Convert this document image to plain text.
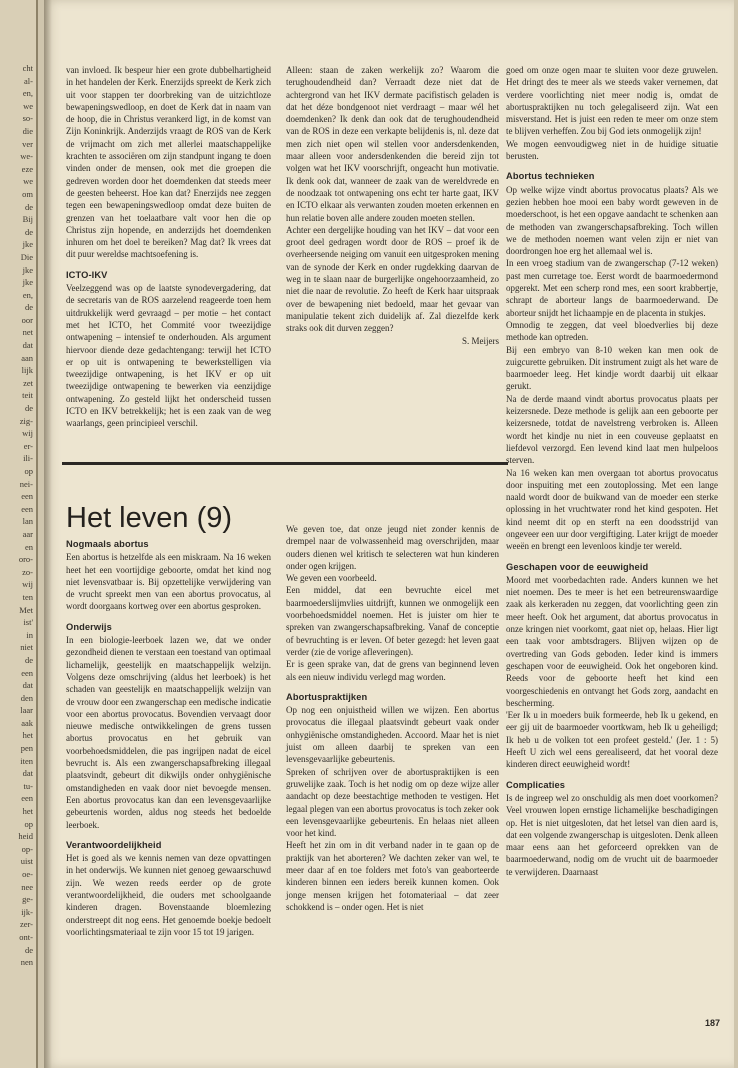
cht
al-
en,
we
so-
die
ver
we-
eze
we
om
de
Bij
de
jke
Die
jke
jke
en,
de
oor
net
dat
aan
lijk
zet
teit
de
zig-
wij
er-
ili-
op
nei-
een
een
lan
aar
en
oro-
zo-
wij
ten
Met
ist'
in
niet
de
een
dat
den
laar
aak
het
pen
iten
dat
tu-
een
het
op
heid
op-
uist
oe-
nee
ge-
ijk-
zer-
ont-
de
nen

van invloed. Ik bespeur hier een grote dubbelhartigheid in het handelen der Kerk. Enerzijds spreekt de Kerk zich uit voor stappen ter doorbreking van de uitzichtloze bewapeningswedloop, en doet de Kerk dat in naam van de hoop, die in Christus verankerd ligt, in de komst van Zijn Koninkrijk. Anderzijds vraagt de ROS van de Kerk de vrijmacht om zich met allerlei maatschappelijke krachten te associëren om zijn standpunt ingang te doen vinden onder de mensen, ook met die groepen die gedreven worden door het doemdenken dat steeds meer de geesten beheerst. Hoe kan dat? Enerzijds nee zeggen tegen een bewapeningswedloop omdat deze buiten de grenzen van het toelaatbare valt voor hen die op Christus zijn hopende, en anderzijds het doemdenken inhuren om het doel te bereiken? Mag dat? Ik vrees dat dit puur wereldse machtsoefening is.

ICTO-IKV

Veelzeggend was op de laatste synodevergadering, dat de secretaris van de ROS aarzelend reageerde toen hem uitdrukkelijk werd gevraagd – per motie – het contact met het ICTO, het Commité voor tweezijdige ontwapening – intensief te onderhouden. Als argument hiervoor diende deze gedachtengang: terwijl het ICTO er op uit is ontwapening te bewerkstelligen via tweezijdige ontwapening, is het IKV er op uit tweezijdige ontwapening te bewerken via eenzijdige ontwapening. Zo gesteld lijkt het onderscheid tussen ICTO en IKV betrekkelijk; het is een zaak van de weg waarlangs, geen principieel verschil.

Alleen: staan de zaken werkelijk zo? Waarom die terughoudendheid dan? Verraadt deze niet dat de achtergrond van het IKV dermate pacifistisch geladen is dat het déze bondgenoot niet verdraagt – maar wél het doemdenken? Ik denk dan ook dat de terughoudendheid van de ROS in deze een verkapte belijdenis is, nl. deze dat men zich niet open wil stellen voor andersdenkenden, maar alleen voor andersdenkenden die bereid zijn tot volgen wat het IKV voorschrijft, ongeacht hun motivatie. Ik denk ook dat, wanneer de zaak van de wereldvrede en de noodzaak tot ontwapening ons echt ter harte gaat, IKV en ICTO elkaar als verwanten zouden moeten erkennen en hun relatie boven alle andere zouden moeten stellen.

Achter een dergelijke houding van het IKV – dat voor een groot deel gedragen wordt door de ROS – proef ik de overheersende neiging om vanuit een uitgesproken mening van de synode der Kerk en onder rugdekking daarvan de weg in te slaan naar de burgerlijke ongehoorzaamheid, zo niet die naar de revolutie. Zo heeft de Kerk haar uitspraak over de bewapening niet bedoeld, maar het gevaar van manipulatie tekent zich duidelijk af. Zal diezelfde kerk straks ook dit durven zeggen?

S. Meijers

Het leven (9)
Nogmaals abortus

Een abortus is hetzelfde als een miskraam. Na 16 weken heet het een voortijdige geboorte, omdat het kind nog niet levensvatbaar is. Bij opzettelijke verwijdering van de vrucht spreekt men van een abortus provocatus, al wordt doorgaans kortweg over een abortus gesproken.

Onderwijs

In een biologie-leerboek lazen we, dat we onder gezondheid dienen te verstaan een toestand van optimaal lichamelijk, geestelijk en maatschappelijk welzijn. Volgens deze omschrijving (aldus het leerboek) is het schaden van geestelijk en maatschappelijk welzijn van de vrouw door een zwangerschap een medische indicatie voor een abortus provocatus. Bovendien vervaagt door nieuwe medische ontwikkelingen de grens tussen abortus provocatus en het gebruik van voorbehoedsmiddelen, die pas ingrijpen nadat de eicel bevrucht is. Als een zwangerschapsafbreking illegaal plaatsvindt, gebeurt dit dikwijls onder onhygiënische omstandigheden en vaak door niet bevoegde mensen. Een abortus provocatus kan dan een levensgevaarlijke gebeurtenis worden, aldus nog steeds het bedoelde leerboek.

Verantwoordelijkheid

Het is goed als we kennis nemen van deze opvattingen in het onderwijs. We kunnen niet genoeg gewaarschuwd zijn. We wezen reeds eerder op de grote verantwoordelijkheid, die ouders met schoolgaande kinderen dragen. Bovenstaande bloemlezing onderstreept dit nog eens. Het genoemde boekje bedoelt voorlichtingsmateriaal te zijn voor 15 tot 19 jarigen.

We geven toe, dat onze jeugd niet zonder kennis de drempel naar de volwassenheid mag overschrijden, maar ouders dienen wel kritisch te selecteren wat hun kinderen onder ogen krijgen.

We geven een voorbeeld.

Een middel, dat een bevruchte eicel met baarmoederslijmvlies uitdrijft, kunnen we onmogelijk een voorbehoedsmiddel noemen. Het is juister om hier te spreken van zwangerschapsafbreking. Vanaf de conceptie of bevruchting is er leven. Of beter gezegd: het leven gaat verder (zie de vorige afleveringen).

Er is geen sprake van, dat de grens van beginnend leven als een nieuw individu verlegd mag worden.

Abortuspraktijken

Op nog een onjuistheid willen we wijzen. Een abortus provocatus die illegaal plaatsvindt gebeurt vaak onder onhygiënische omstandigheden. Accoord. Maar het is niet juist om alleen daarbij te spreken van een levensgevaarlijke gebeurtenis.

Spreken of schrijven over de abortuspraktijken is een gruwelijke zaak. Toch is het nodig om op deze wijze aller aandacht op deze beestachtige methoden te vestigen. Het legaal plegen van een abortus provocatus is toch zeker ook een levensgevaarlijke gebeurtenis. En helaas niet alleen voor het kind.

Heeft het zin om in dit verband nader in te gaan op de praktijk van het aborteren? We dachten zeker van wel, te meer daar af en toe folders met foto's van geaborteerde kinderen binnen een ieders bereik kunnen komen. Ook jonge mensen krijgen het fotomateriaal – dat zeer schokkend is – onder ogen. Het is niet

goed om onze ogen maar te sluiten voor deze gruwelen. Het dringt des te meer als we steeds vaker vernemen, dat verdere voorlichting niet meer nodig is, omdat de abortuspraktijken nu toch gelegaliseerd zijn. Wat een misverstand. Het is juist een reden te meer om onze stem te blijven verheffen. Zou bij God iets onmogelijk zijn!

We mogen eenvoudigweg niet in de huidige situatie berusten.

Abortus technieken

Op welke wijze vindt abortus provocatus plaats? Als we gezien hebben hoe mooi een baby wordt geweven in de moederschoot, is het een opgave aandacht te schenken aan de methoden van zwangerschapsafbreking. Toch willen we de methoden noemen want velen zijn er niet van doordrongen hoe erg het allemaal wel is.

In een vroeg stadium van de zwangerschap (7-12 weken) past men curretage toe. Eerst wordt de baarmoedermond opgerekt. Met een scherp rond mes, een soort krabbertje, schrapt de aborteur langs de baarmoederwand. De aborteur snijdt het lichaampje en de placenta in stukjes.

Omnodig te zeggen, dat veel bloedverlies bij deze methode kan optreden.

Bij een embryo van 8-10 weken kan men ook de zuigcurette gebruiken. Dit instrument zuigt als het ware de baarmoeder leeg. Het kindje wordt daarbij uit elkaar gerukt.

Na de derde maand vindt abortus provocatus plaats per keizersnede. Deze methode is gelijk aan een geboorte per keizersnede, totdat de navelstreng verbroken is. Alleen wordt het kindje nu niet in een couveuse geplaatst en liefdevol verzorgd. Een levend kind laat men hulpeloos sterven.

Na 16 weken kan men overgaan tot abortus provocatus door inspuiting met een zoutoplossing. Met een lange naald wordt door de buikwand van de moeder een sterke oplossing in het vruchtwater rond het kind gespoten. Het kind neemt dit op en sterft na een doodsstrijd van ongeveer een uur door vergiftiging. Later krijgt de moeder weeën en brengt een levenloos kindje ter wereld.

Geschapen voor de eeuwigheid

Moord met voorbedachten rade. Anders kunnen we het niet noemen. Des te meer is het een betreurenswaardige zaak als kerkeraden nu zeggen, dat voorlichting geen zin meer heeft. Ook het argument, dat abortus provocatus in onze kringen niet voorkomt, gaat niet op, helaas. Hier ligt een taak voor ambtsdragers. Blijven wijzen op de overtreding van Gods geboden. Ieder kind is immers geschapen voor de eeuwigheid. Ook het ongeboren kind. Reeds voor de geboorte heeft het kind een voorgeschiedenis en ontvangt het Gods zorg, aandacht en bescherming.

'Eer Ik u in moeders buik formeerde, heb Ik u gekend, en eer gij uit de baarmoeder voortkwam, heb Ik u geheiligd; Ik heb u de volken tot een profeet gesteld.' (Jer. 1 : 5) Heeft U zich wel eens gerealiseerd, dat het vooral deze kinderen direct eeuwigheid wordt!

Complicaties

Is de ingreep wel zo onschuldig als men doet voorkomen? Veel vrouwen lopen ernstige lichamelijke beschadigingen op. Het is niet uitgesloten, dat het letsel van dien aard is, dat een volgende zwangerschap is uitgesloten. Denk alleen maar eens aan het geforceerd oprekken van de baarmoederwand, nodig om de vrucht uit de baarmoeder te verwijderen. Daarnaast

187
